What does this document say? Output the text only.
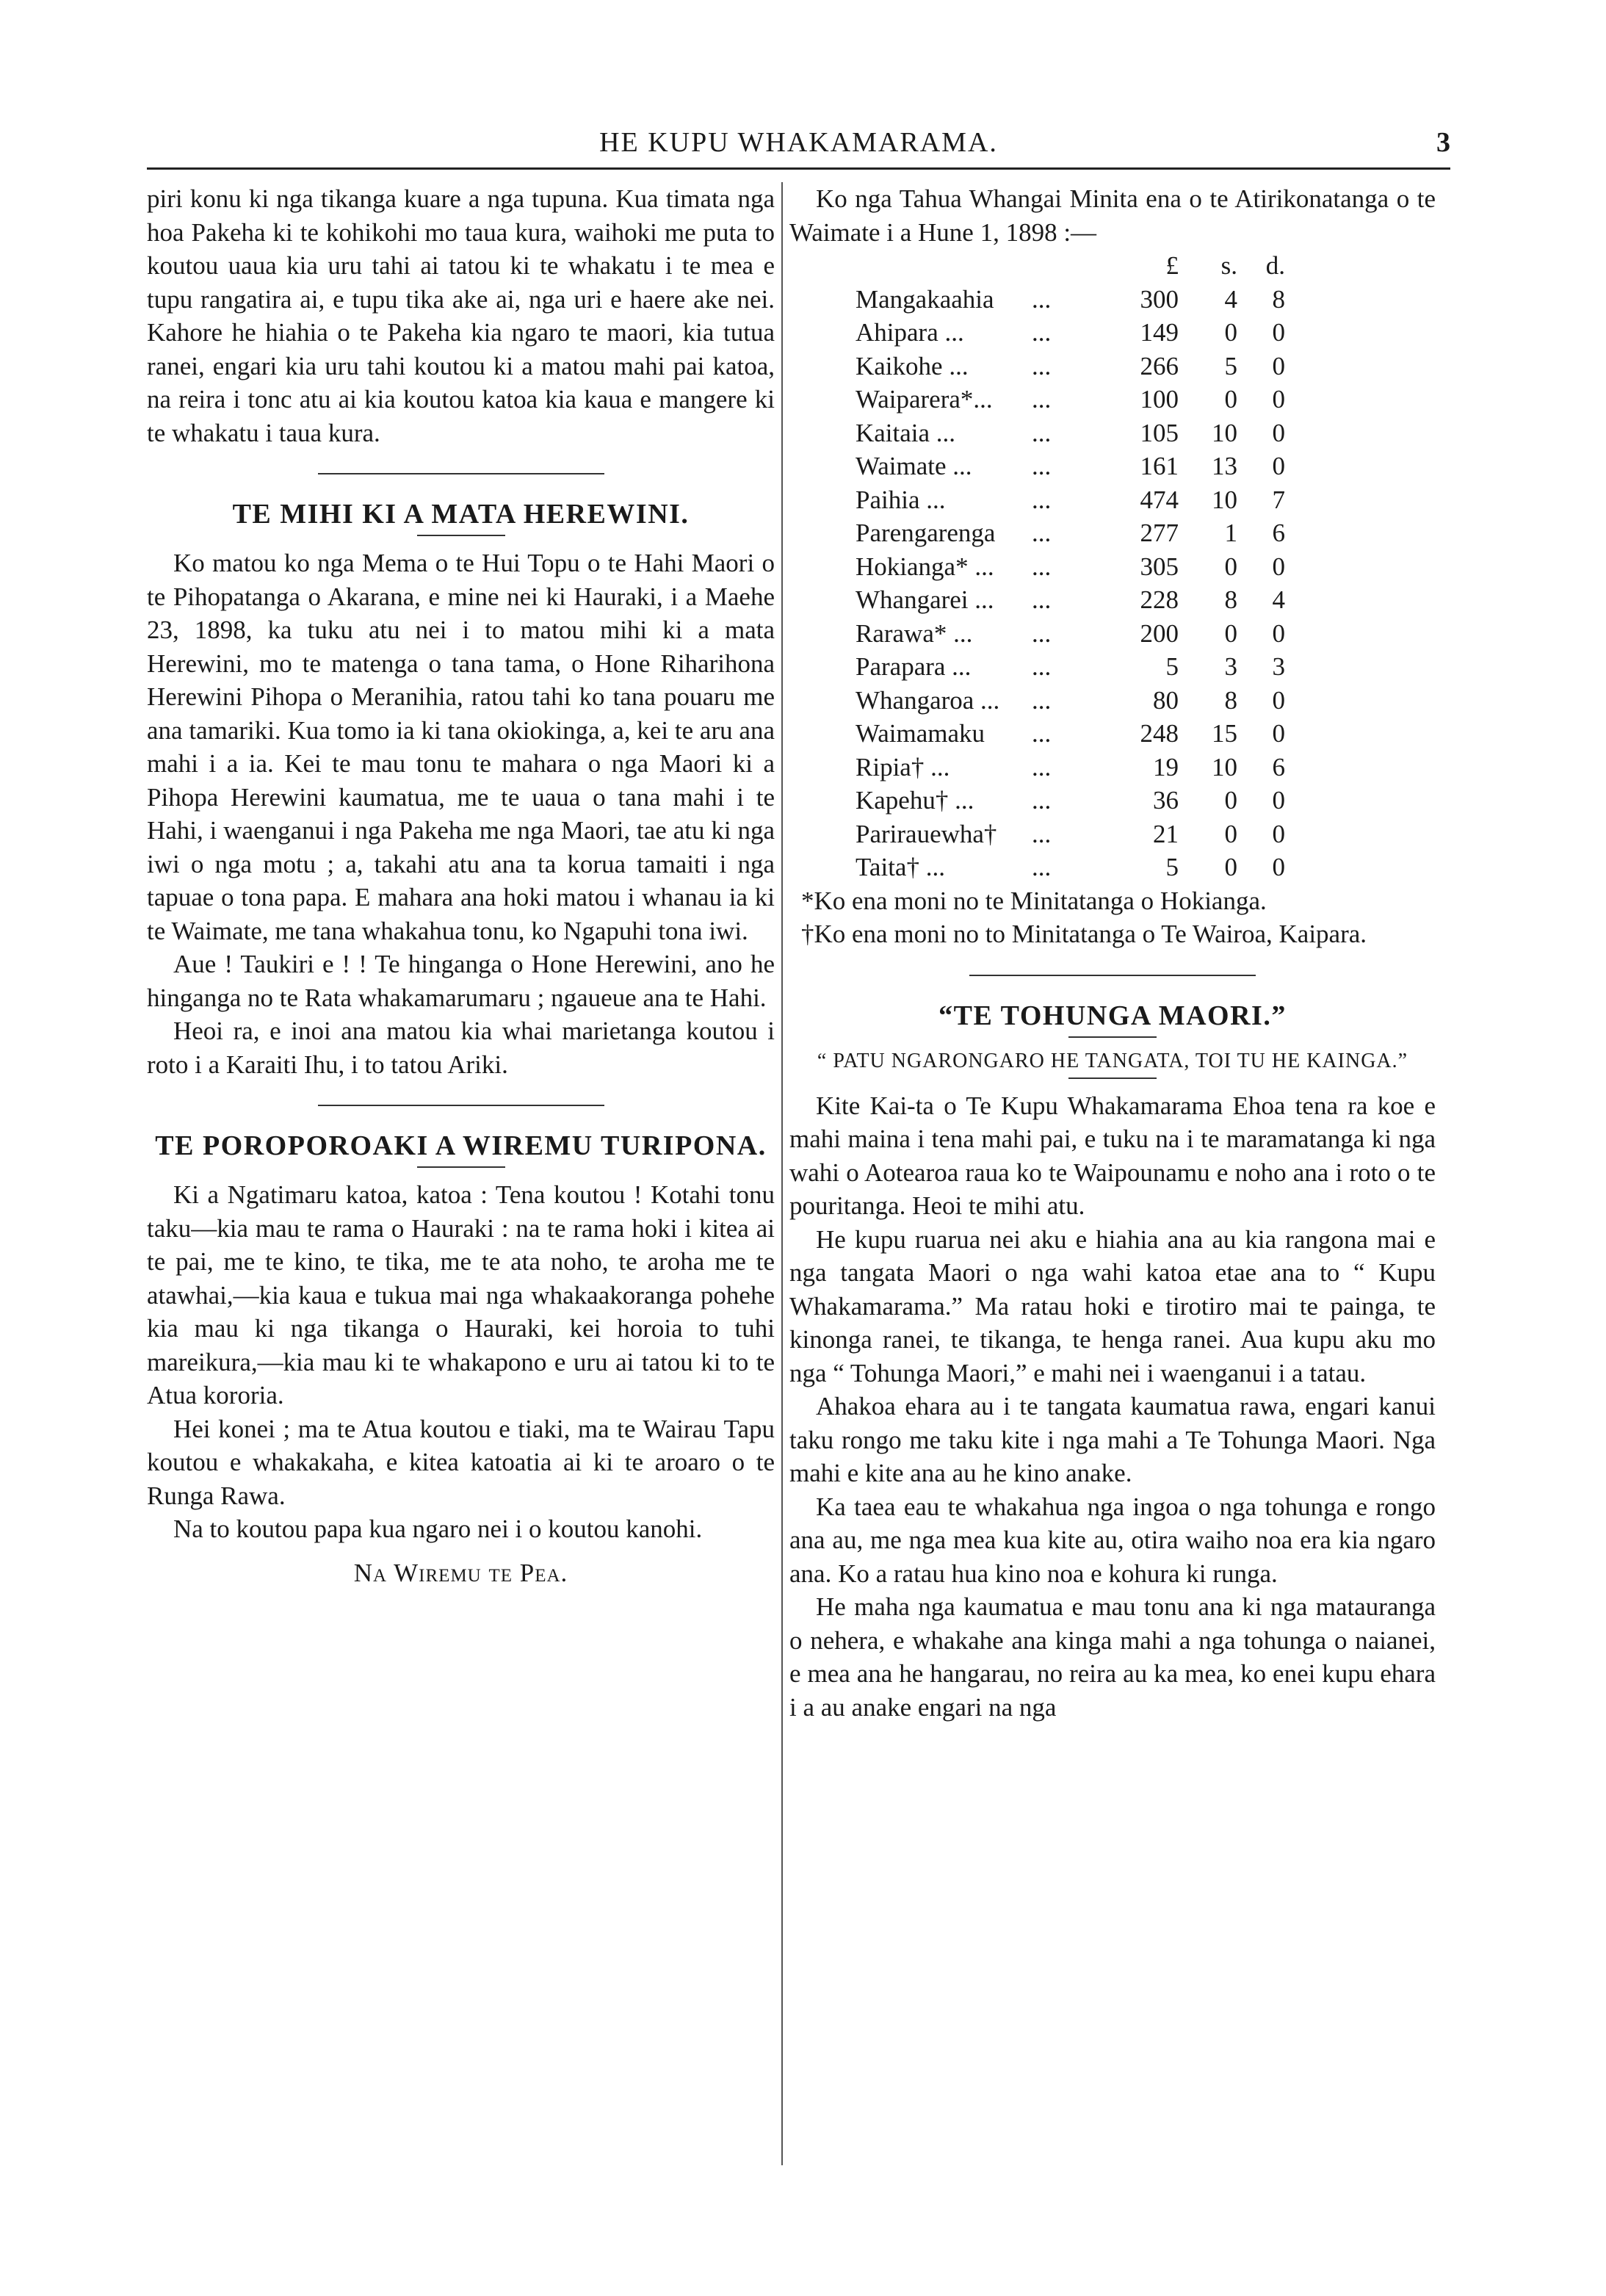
HE KUPU WHAKAMARAMA.	3

piri konu ki nga tikanga kuare a nga tupuna. Kua timata nga hoa Pakeha ki te kohikohi mo taua kura, waihoki me puta to koutou uaua kia uru tahi ai tatou ki te whakatu i te mea e tupu rangatira ai, e tupu tika ake ai, nga uri e haere ake nei. Kahore he hiahia o te Pakeha kia ngaro te maori, kia tutua ranei, engari kia uru tahi koutou ki a matou mahi pai katoa, na reira i tonc atu ai kia koutou katoa kia kaua e mangere ki te whakatu i taua kura.

TE MIHI KI A MATA HEREWINI.

Ko matou ko nga Mema o te Hui Topu o te Hahi Maori o te Pihopatanga o Akarana, e mine nei ki Hauraki, i a Maehe 23, 1898, ka tuku atu nei i to matou mihi ki a mata Herewini, mo te matenga o tana tama, o Hone Riharihona Herewini Pihopa o Meranihia, ratou tahi ko tana pouaru me ana tamariki. Kua tomo ia ki tana okiokinga, a, kei te aru ana mahi i a ia. Kei te mau tonu te mahara o nga Maori ki a Pihopa Herewini kaumatua, me te uaua o tana mahi i te Hahi, i waenganui i nga Pakeha me nga Maori, tae atu ki nga iwi o nga motu ; a, takahi atu ana ta korua tamaiti i nga tapuae o tona papa. E mahara ana hoki matou i whanau ia ki te Waimate, me tana whakahua tonu, ko Ngapuhi tona iwi.

Aue ! Taukiri e ! ! Te hinganga o Hone Herewini, ano he hinganga no te Rata whakamarumaru ; ngaueue ana te Hahi.

Heoi ra, e inoi ana matou kia whai marietanga koutou i roto i a Karaiti Ihu, i to tatou Ariki.

TE POROPOROAKI A WIREMU TURIPONA.

Ki a Ngatimaru katoa, katoa : Tena koutou ! Kotahi tonu taku—kia mau te rama o Hauraki : na te rama hoki i kitea ai te pai, me te kino, te tika, me te ata noho, te aroha me te atawhai,—kia kaua e tukua mai nga whakaakoranga pohehe kia mau ki nga tikanga o Hauraki, kei horoia to tuhi mareikura,—kia mau ki te whakapono e uru ai tatou ki to te Atua kororia.

Hei konei ; ma te Atua koutou e tiaki, ma te Wairau Tapu koutou e whakakaha, e kitea katoatia ai ki te aroaro o te Runga Rawa.

Na to koutou papa kua ngaro nei i o koutou kanohi.

Na Wiremu te Pea.

Ko nga Tahua Whangai Minita ena o te Atirikonatanga o te Waimate i a Hune 1, 1898 :—

		£	s.	d.
Mangakaahia	...	300	4	8
Ahipara ...	...	149	0	0
Kaikohe ...	...	266	5	0
Waiparera*...	...	100	0	0
Kaitaia ...	...	105	10	0
Waimate ...	...	161	13	0
Paihia ...	...	474	10	7
Parengarenga	...	277	1	6
Hokianga* ...	...	305	0	0
Whangarei ...	...	228	8	4
Rarawa* ...	...	200	0	0
Parapara ...	...	5	3	3
Whangaroa ...	...	80	8	0
Waimamaku	...	248	15	0
Ripia† ...	...	19	10	6
Kapehu† ...	...	36	0	0
Parirauewha†	...	21	0	0
Taita† ...	...	5	0	0

*Ko ena moni no te Minitatanga o Hokianga.

†Ko ena moni no to Minitatanga o Te Wairoa, Kaipara.

“TE TOHUNGA MAORI.”
“ PATU NGARONGARO HE TANGATA, TOI TU HE KAINGA.”

Kite Kai-ta o Te Kupu Whakamarama Ehoa tena ra koe e mahi maina i tena mahi pai, e tuku na i te maramatanga ki nga wahi o Aotearoa raua ko te Waipounamu e noho ana i roto o te pouritanga. Heoi te mihi atu.

He kupu ruarua nei aku e hiahia ana au kia rangona mai e nga tangata Maori o nga wahi katoa etae ana to “ Kupu Whakamarama.” Ma ratau hoki e tirotiro mai te painga, te kinonga ranei, te tikanga, te henga ranei. Aua kupu aku mo nga “ Tohunga Maori,” e mahi nei i waenganui i a tatau.

Ahakoa ehara au i te tangata kaumatua rawa, engari kanui taku rongo me taku kite i nga mahi a Te Tohunga Maori. Nga mahi e kite ana au he kino anake.

Ka taea eau te whakahua nga ingoa o nga tohunga e rongo ana au, me nga mea kua kite au, otira waiho noa era kia ngaro ana. Ko a ratau hua kino noa e kohura ki runga.

He maha nga kaumatua e mau tonu ana ki nga matauranga o nehera, e whakahe ana kinga mahi a nga tohunga o naianei, e mea ana he hangarau, no reira au ka mea, ko enei kupu ehara i a au anake engari na nga
